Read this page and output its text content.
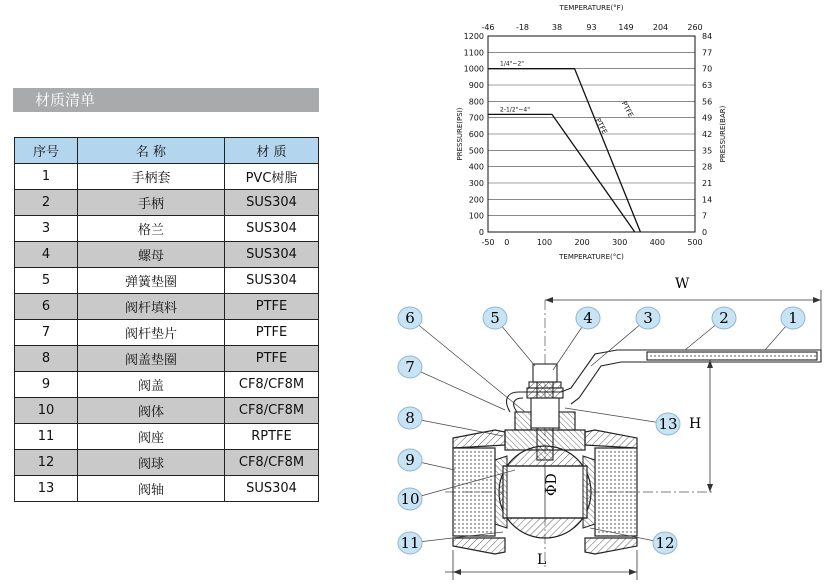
材质清单
序号	名 称	材 质
1	手柄套	PVC树脂
2	手柄	SUS304
3	格兰	SUS304
4	螺母	SUS304
5	弹簧垫圈	SUS304
6	阀杆填料	PTFE
7	阀杆垫片	PTFE
8	阀盖垫圈	PTFE
9	阀盖	CF8/CF8M
10	阀体	CF8/CF8M
11	阀座	RPTFE
12	阀球	CF8/CF8M
13	阀轴	SUS304
0	0
100	7
200	14
300	21
400	28
500	35
600	42
700	49
800	56
900	63
1000	70
1100	77
1200	84
-50
-46
0
-18
100
38
200
93
300
149
400
204
500
260
TEMPERATURE(°F)
TEMPERATURE(°C)
PRESSURE(PSI)	PRESSURE(BAR)
1/4"~2"
PTFE
2-1/2"~4"
PTFE
W
H
ΦD
L
1
2
3
4
5
6
7
8
9
10
11	12
13
